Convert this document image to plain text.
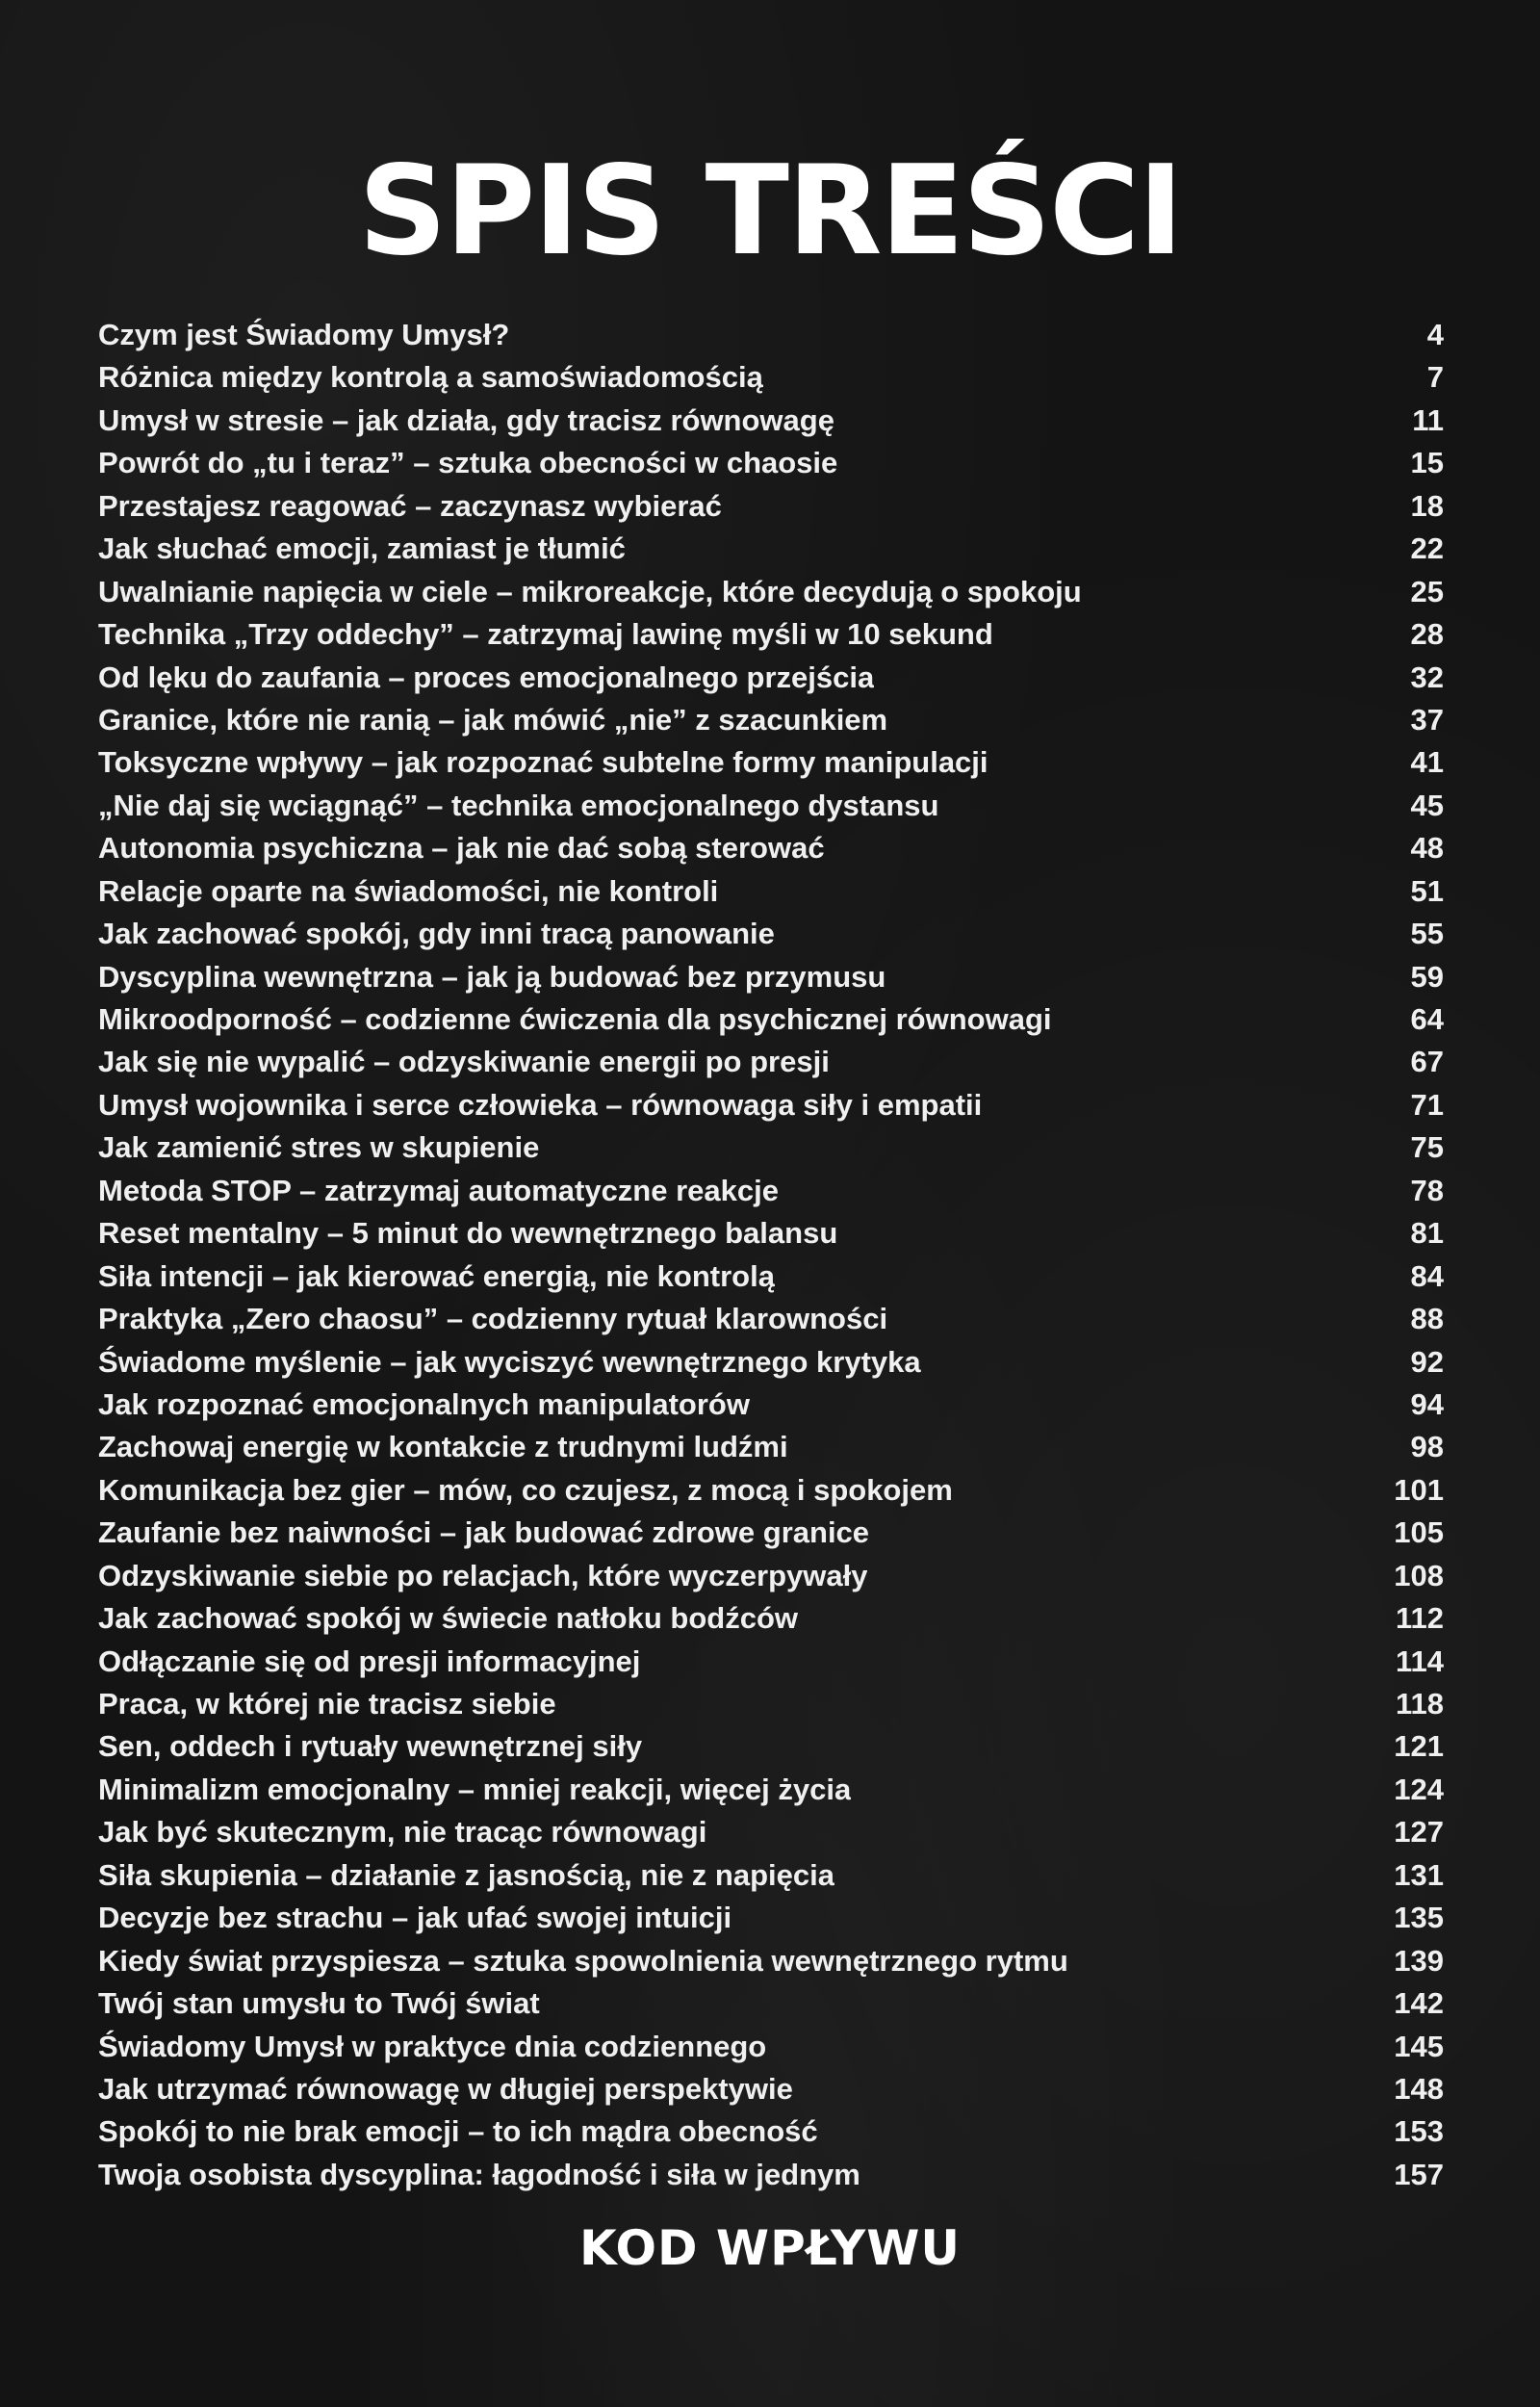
SPIS TREŚCI
Czym jest Świadomy Umysł?	4
Różnica między kontrolą a samoświadomością	7
Umysł w stresie – jak działa, gdy tracisz równowagę	11
Powrót do „tu i teraz” – sztuka obecności w chaosie	15
Przestajesz reagować – zaczynasz wybierać	18
Jak słuchać emocji, zamiast je tłumić	22
Uwalnianie napięcia w ciele – mikroreakcje, które decydują o spokoju	25
Technika „Trzy oddechy” – zatrzymaj lawinę myśli w 10 sekund	28
Od lęku do zaufania – proces emocjonalnego przejścia	32
Granice, które nie ranią – jak mówić „nie” z szacunkiem	37
Toksyczne wpływy – jak rozpoznać subtelne formy manipulacji	41
„Nie daj się wciągnąć” – technika emocjonalnego dystansu	45
Autonomia psychiczna – jak nie dać sobą sterować	48
Relacje oparte na świadomości, nie kontroli	51
Jak zachować spokój, gdy inni tracą panowanie	55
Dyscyplina wewnętrzna – jak ją budować bez przymusu	59
Mikroodporność – codzienne ćwiczenia dla psychicznej równowagi	64
Jak się nie wypalić – odzyskiwanie energii po presji	67
Umysł wojownika i serce człowieka – równowaga siły i empatii	71
Jak zamienić stres w skupienie	75
Metoda STOP – zatrzymaj automatyczne reakcje	78
Reset mentalny – 5 minut do wewnętrznego balansu	81
Siła intencji – jak kierować energią, nie kontrolą	84
Praktyka „Zero chaosu” – codzienny rytuał klarowności	88
Świadome myślenie – jak wyciszyć wewnętrznego krytyka	92
Jak rozpoznać emocjonalnych manipulatorów	94
Zachowaj energię w kontakcie z trudnymi ludźmi	98
Komunikacja bez gier – mów, co czujesz, z mocą i spokojem	101
Zaufanie bez naiwności – jak budować zdrowe granice	105
Odzyskiwanie siebie po relacjach, które wyczerpywały	108
Jak zachować spokój w świecie natłoku bodźców	112
Odłączanie się od presji informacyjnej	114
Praca, w której nie tracisz siebie	118
Sen, oddech i rytuały wewnętrznej siły	121
Minimalizm emocjonalny – mniej reakcji, więcej życia	124
Jak być skutecznym, nie tracąc równowagi	127
Siła skupienia – działanie z jasnością, nie z napięcia	131
Decyzje bez strachu – jak ufać swojej intuicji	135
Kiedy świat przyspiesza – sztuka spowolnienia wewnętrznego rytmu	139
Twój stan umysłu to Twój świat	142
Świadomy Umysł w praktyce dnia codziennego	145
Jak utrzymać równowagę w długiej perspektywie	148
Spokój to nie brak emocji – to ich mądra obecność	153
Twoja osobista dyscyplina: łagodność i siła w jednym	157
KOD WPŁYWU
